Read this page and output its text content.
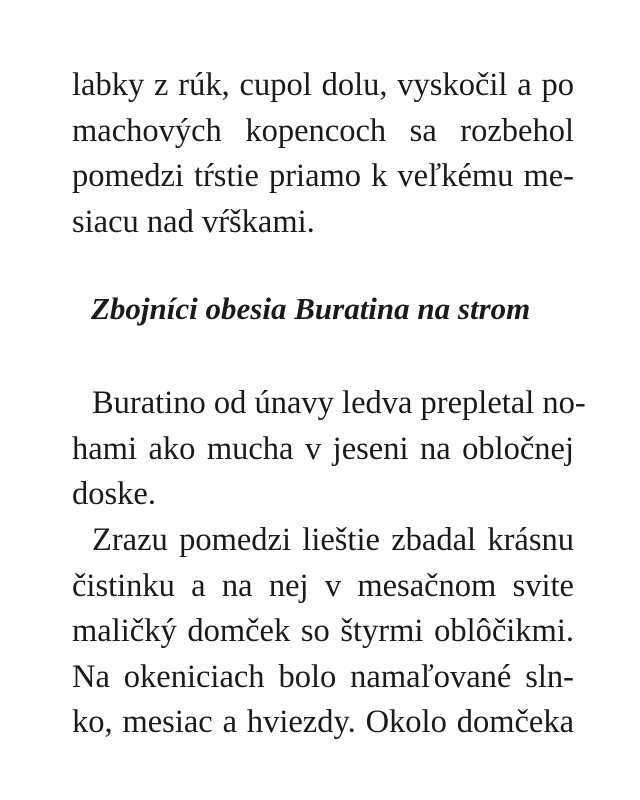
labky z rúk, cupol dolu, vyskočil a po
machových kopencoch sa rozbehol
pomedzi tŕstie priamo k veľkému me-
siacu nad vŕškami.
Zbojníci obesia Buratina na strom
Buratino od únavy ledva prepletal no-
hami ako mucha v jeseni na obločnej
doske.
Zrazu pomedzi lieštie zbadal krásnu
čistinku a na nej v mesačnom svite
maličký domček so štyrmi oblôčikmi.
Na okeniciach bolo namaľované sln-
ko, mesiac a hviezdy. Okolo domčeka
